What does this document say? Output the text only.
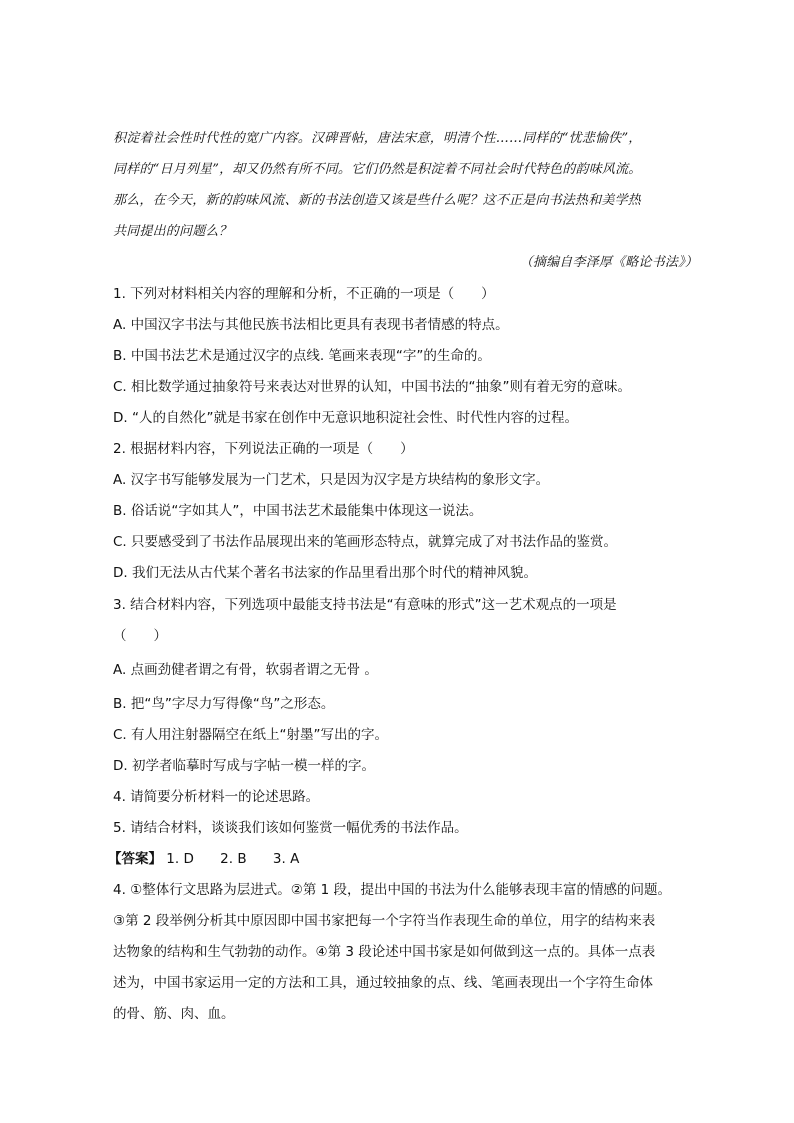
积淀着社会性时代性的宽广内容。汉碑晋帖，唐法宋意，明清个性……同样的“忧悲愉佚”，
同样的“日月列星”，却又仍然有所不同。它们仍然是积淀着不同社会时代特色的韵味风流。
那么，在今天，新的韵味风流、新的书法创造又该是些什么呢？这不正是向书法热和美学热
共同提出的问题么？
（摘编自李泽厚《略论书法》）
1. 下列对材料相关内容的理解和分析，不正确的一项是（　　）
A. 中国汉字书法与其他民族书法相比更具有表现书者情感的特点。
B. 中国书法艺术是通过汉字的点线. 笔画来表现“字”的生命的。
C. 相比数学通过抽象符号来表达对世界的认知，中国书法的“抽象”则有着无穷的意味。
D. “人的自然化”就是书家在创作中无意识地积淀社会性、时代性内容的过程。
2. 根据材料内容，下列说法正确的一项是（　　）
A. 汉字书写能够发展为一门艺术，只是因为汉字是方块结构的象形文字。
B. 俗话说“字如其人”，中国书法艺术最能集中体现这一说法。
C. 只要感受到了书法作品展现出来的笔画形态特点，就算完成了对书法作品的鉴赏。
D. 我们无法从古代某个著名书法家的作品里看出那个时代的精神风貌。
3. 结合材料内容，下列选项中最能支持书法是“有意味的形式”这一艺术观点的一项是
（　　）
A. 点画劲健者谓之有骨，软弱者谓之无骨 。
B. 把“鸟”字尽力写得像“鸟”之形态。
C. 有人用注射器隔空在纸上“射墨”写出的字。
D. 初学者临摹时写成与字帖一模一样的字。
4. 请简要分析材料一的论述思路。
5. 请结合材料，谈谈我们该如何鉴赏一幅优秀的书法作品。
【答案】 1. D 2. B 3. A
4. ①整体行文思路为层进式。②第 1 段，提出中国的书法为什么能够表现丰富的情感的问题。
③第 2 段举例分析其中原因即中国书家把每一个字符当作表现生命的单位，用字的结构来表
达物象的结构和生气勃勃的动作。④第 3 段论述中国书家是如何做到这一点的。具体一点表
述为，中国书家运用一定的方法和工具，通过较抽象的点、线、笔画表现出一个字符生命体
的骨、筋、肉、血。
